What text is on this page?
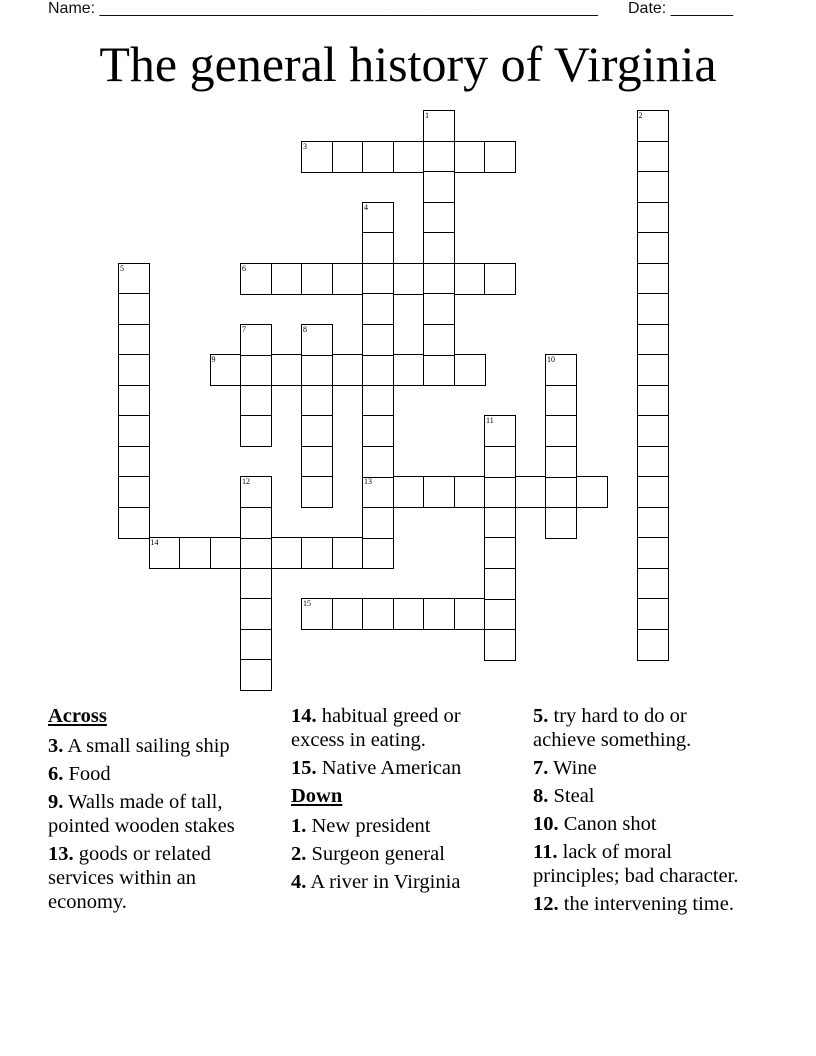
Name: ________________________________________________________ Date: _______
The general history of Virginia
1	2
3
4
5	6
7	8
9	10
11
12	13
14
15
Across
3. A small sailing ship
6. Food
9. Walls made of tall, pointed wooden stakes
13. goods or related services within an economy.
14. habitual greed or excess in eating.
15. Native American
Down
1. New president
2. Surgeon general
4. A river in Virginia
5. try hard to do or achieve something.
7. Wine
8. Steal
10. Canon shot
11. lack of moral principles; bad character.
12. the intervening time.
